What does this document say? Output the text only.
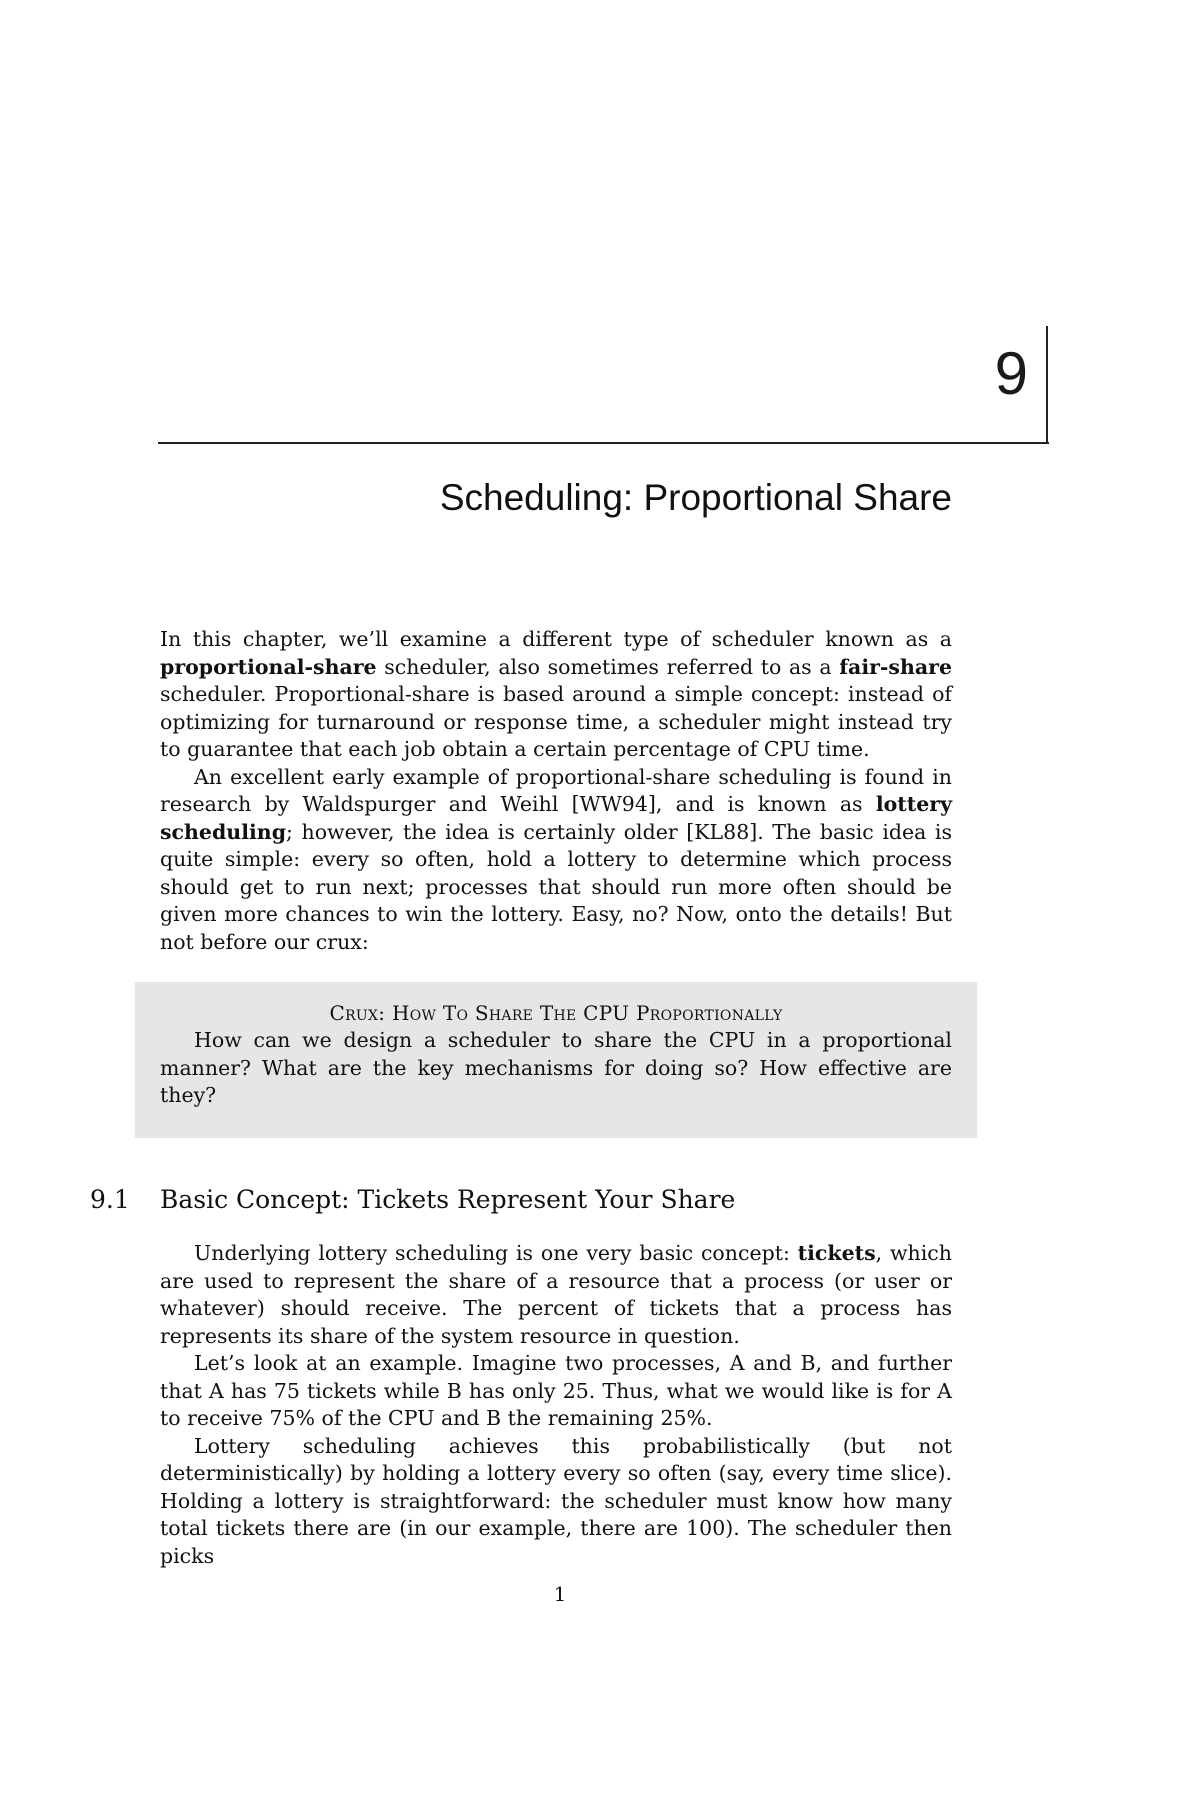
9
Scheduling: Proportional Share

In this chapter, we’ll examine a different type of scheduler known as a proportional-share scheduler, also sometimes referred to as a fair-share scheduler. Proportional-share is based around a simple concept: instead of optimizing for turnaround or response time, a scheduler might instead try to guarantee that each job obtain a certain percentage of CPU time.

An excellent early example of proportional-share scheduling is found in research by Waldspurger and Weihl [WW94], and is known as lottery scheduling; however, the idea is certainly older [KL88]. The basic idea is quite simple: every so often, hold a lottery to determine which process should get to run next; processes that should run more often should be given more chances to win the lottery. Easy, no? Now, onto the details! But not before our crux:

Crux: How To Share The CPU Proportionally

How can we design a scheduler to share the CPU in a proportional manner? What are the key mechanisms for doing so? How effective are they?

9.1 Basic Concept: Tickets Represent Your Share

Underlying lottery scheduling is one very basic concept: tickets, which are used to represent the share of a resource that a process (or user or whatever) should receive. The percent of tickets that a process has represents its share of the system resource in question.

Let’s look at an example. Imagine two processes, A and B, and further that A has 75 tickets while B has only 25. Thus, what we would like is for A to receive 75% of the CPU and B the remaining 25%.

Lottery scheduling achieves this probabilistically (but not deterministically) by holding a lottery every so often (say, every time slice). Holding a lottery is straightforward: the scheduler must know how many total tickets there are (in our example, there are 100). The scheduler then picks

1
